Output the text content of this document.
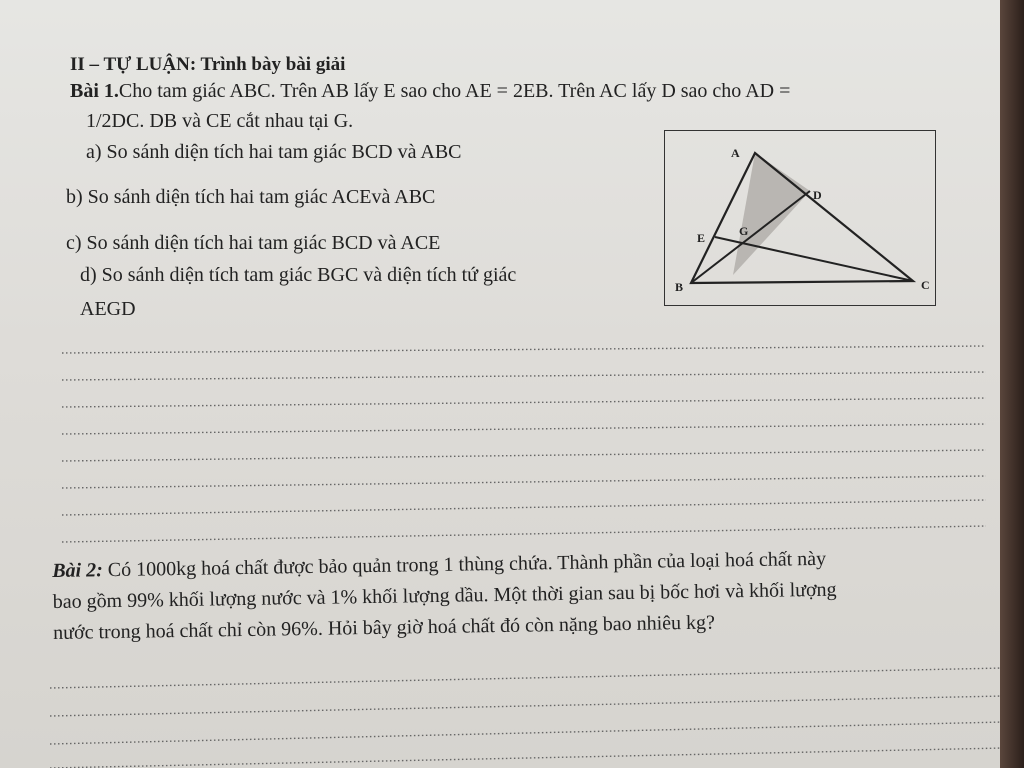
II – TỰ LUẬN: Trình bày bài giải
Bài 1.Cho tam giác ABC. Trên AB lấy E sao cho AE = 2EB. Trên AC lấy D sao cho AD =
1/2DC. DB và CE cắt nhau tại G.
a) So sánh diện tích hai tam giác BCD và ABC
b) So sánh diện tích hai tam giác ACEvà ABC
c) So sánh diện tích hai tam giác BCD và ACE
d) So sánh diện tích tam giác BGC và diện tích tứ giác
AEGD
A
D
E	G
B	C
Bài 2: Có 1000kg hoá chất được bảo quản trong 1 thùng chứa. Thành phần của loại hoá chất này
bao gồm 99% khối lượng nước và 1% khối lượng dầu. Một thời gian sau bị bốc hơi và khối lượng
nước trong hoá chất chỉ còn 96%. Hỏi bây giờ hoá chất đó còn nặng bao nhiêu kg?
